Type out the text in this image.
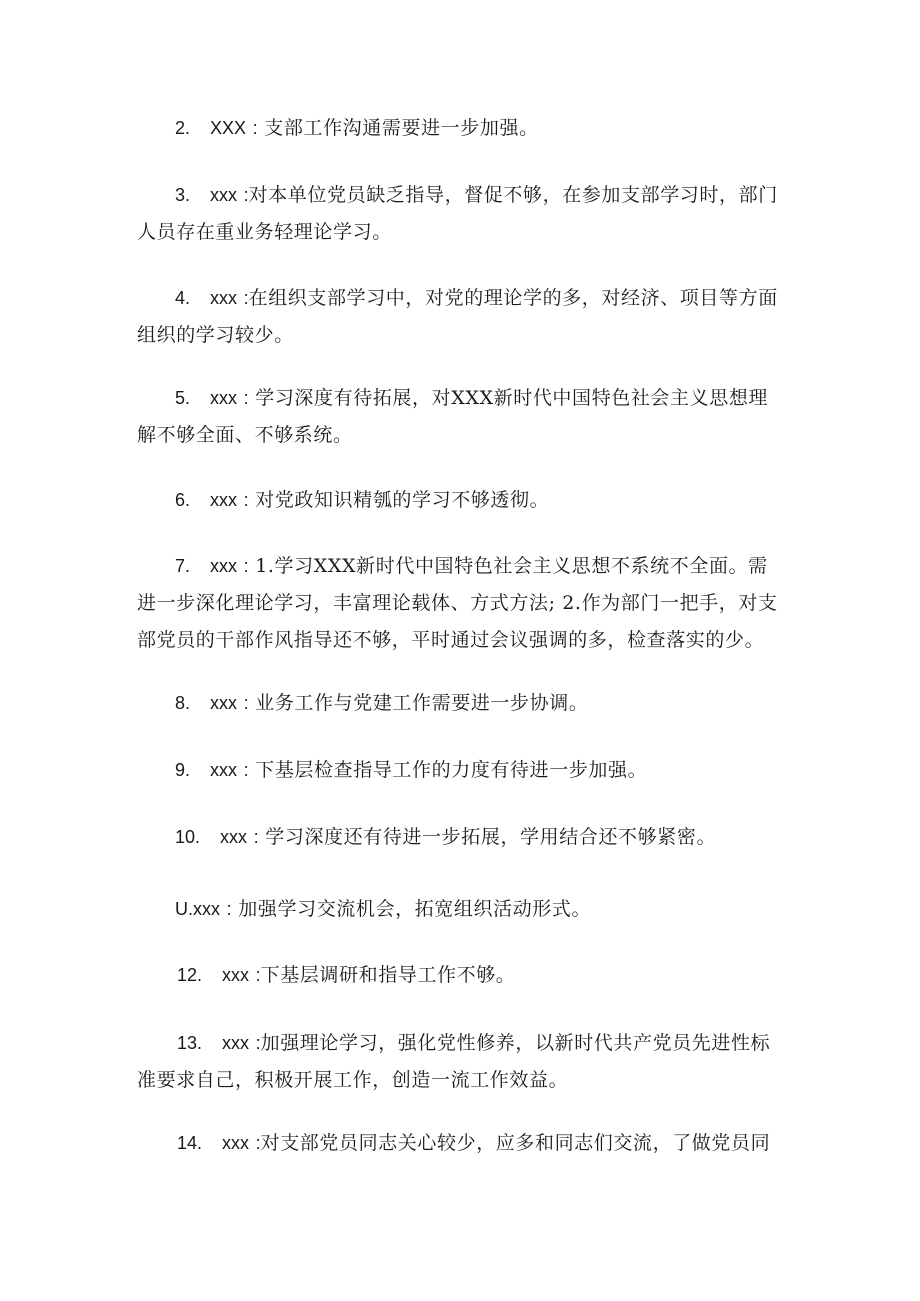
2. XXX : 支部工作沟通需要进一步加强。

3. xxx :对本单位党员缺乏指导，督促不够，在参加支部学习时，部门人员存在重业务轻理论学习。

4. xxx :在组织支部学习中，对党的理论学的多，对经济、项目等方面组织的学习较少。

5. xxx : 学习深度有待拓展，对XXX新时代中国特色社会主义思想理解不够全面、不够系统。

6. xxx : 对党政知识精瓠的学习不够透彻。

7. xxx : 1.学习XXX新时代中国特色社会主义思想不系统不全面。需进一步深化理论学习，丰富理论载体、方式方法; 2.作为部门一把手，对支部党员的干部作风指导还不够，平时通过会议强调的多，检查落实的少。

8. xxx : 业务工作与党建工作需要进一步协调。

9. xxx : 下基层检查指导工作的力度有待进一步加强。

10. xxx : 学习深度还有待进一步拓展，学用结合还不够紧密。

U.xxx : 加强学习交流机会，拓宽组织活动形式。

12. xxx :下基层调研和指导工作不够。

13. xxx :加强理论学习，强化党性修养，以新时代共产党员先进性标准要求自己，积极开展工作，创造一流工作效益。

14. xxx :对支部党员同志关心较少，应多和同志们交流，了做党员同
